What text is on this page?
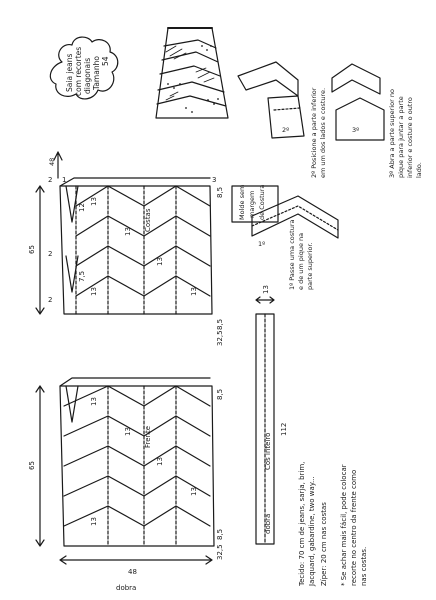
Saia jeans com recortes diagonais Tamanho 54
Costas
65
32,5
8,5
8,5
13
13
13
13
13
2
2
2
1
12
7,5
3
Frente
65
32,5
8,5
8,5
48
13
13
13
13
13
dobra
Cós inteiro
112
13
dobra
Molde sem margem de Costura
1º Passe uma costura e de um pique na parte superior.
2º Posicione a parte inferior em um dos lados e costure.	3º Abra a parte superior no pique para juntar a parte inferior e costure o outro lado.
1º
2º	3º
48
Tecido: 70 cm de jeans, sarja, brim, Jacquard, gabardine, two way... Zíper: 20 cm nas costas * Se achar mais fácil, pode colocar recorte no centro da frente como nas costas.
